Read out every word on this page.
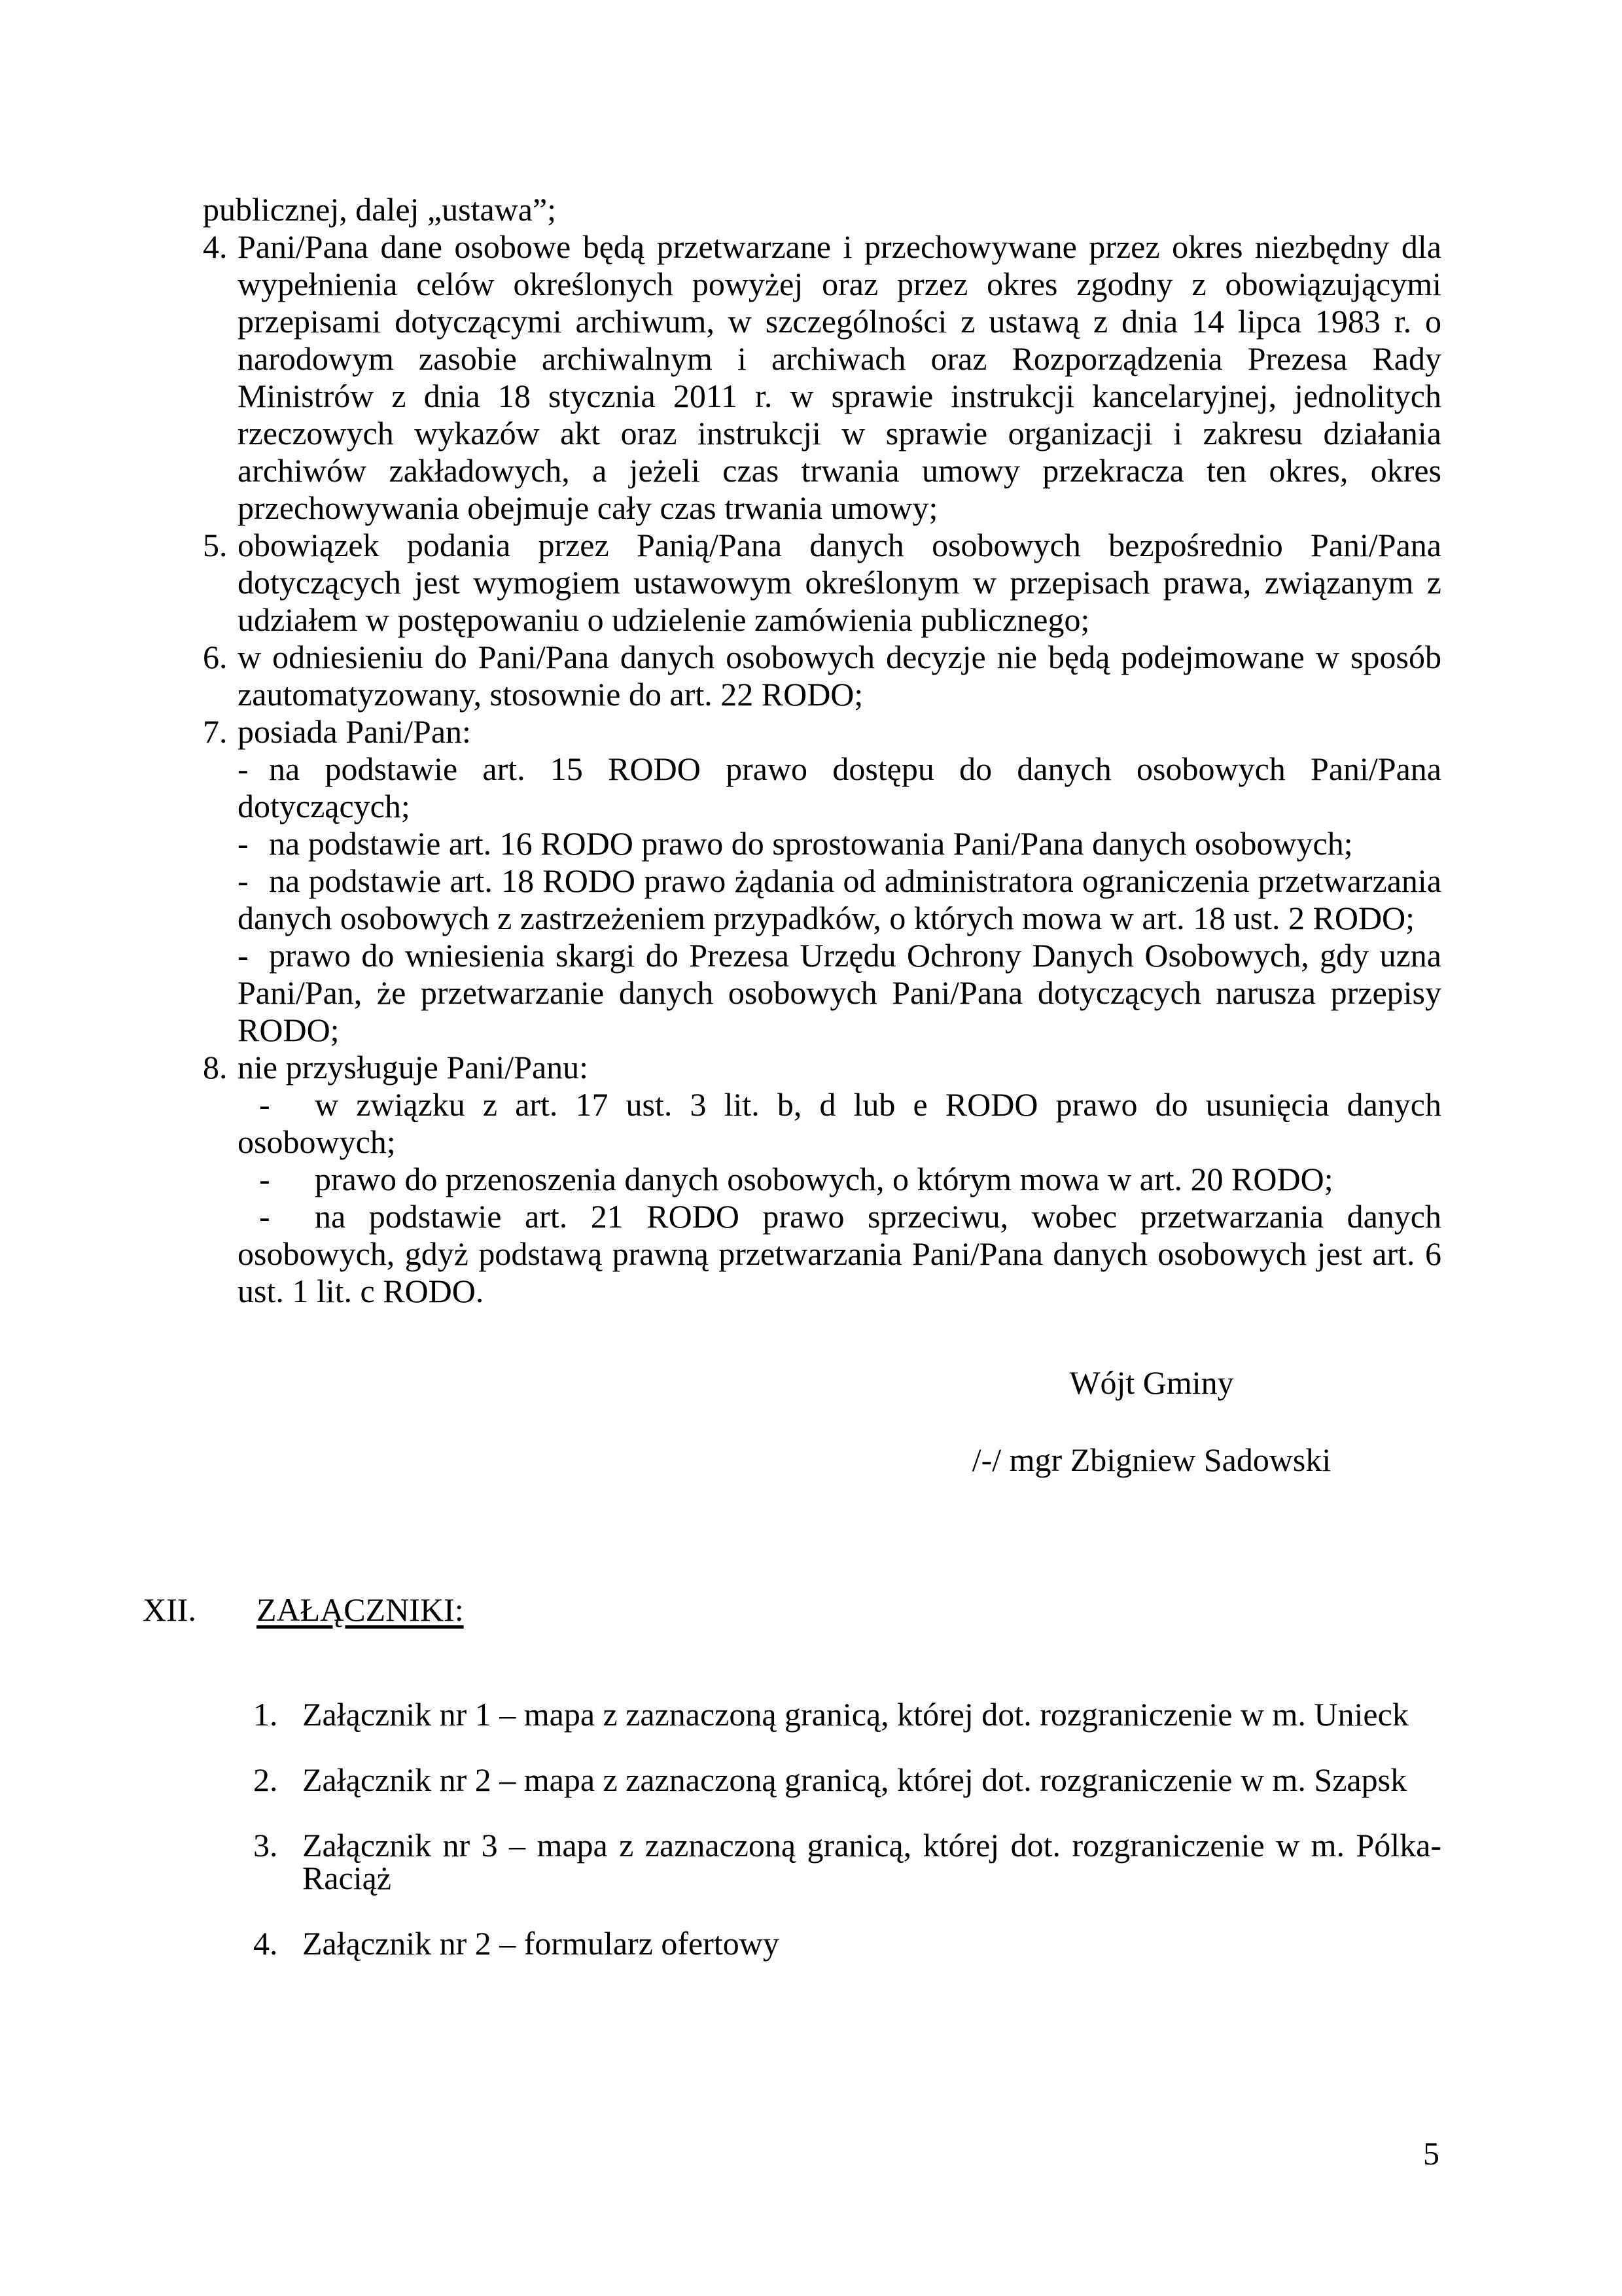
publicznej, dalej „ustawa”;

4. Pani/Pana dane osobowe będą przetwarzane i przechowywane przez okres niezbędny dla wypełnienia celów określonych powyżej oraz przez okres zgodny z obowiązującymi przepisami dotyczącymi archiwum, w szczególności z ustawą z dnia 14 lipca 1983 r. o narodowym zasobie archiwalnym i archiwach oraz Rozporządzenia Prezesa Rady Ministrów z dnia 18 stycznia 2011 r. w sprawie instrukcji kancelaryjnej, jednolitych rzeczowych wykazów akt oraz instrukcji w sprawie organizacji i zakresu działania archiwów zakładowych, a jeżeli czas trwania umowy przekracza ten okres, okres przechowywania obejmuje cały czas trwania umowy;

5. obowiązek podania przez Panią/Pana danych osobowych bezpośrednio Pani/Pana dotyczących jest wymogiem ustawowym określonym w przepisach prawa, związanym z udziałem w postępowaniu o udzielenie zamówienia publicznego;

6. w odniesieniu do Pani/Pana danych osobowych decyzje nie będą podejmowane w sposób zautomatyzowany, stosownie do art. 22 RODO;

7. posiada Pani/Pan:

- na podstawie art. 15 RODO prawo dostępu do danych osobowych Pani/Pana dotyczących;

- na podstawie art. 16 RODO prawo do sprostowania Pani/Pana danych osobowych;

- na podstawie art. 18 RODO prawo żądania od administratora ograniczenia przetwarzania danych osobowych z zastrzeżeniem przypadków, o których mowa w art. 18 ust. 2 RODO;

- prawo do wniesienia skargi do Prezesa Urzędu Ochrony Danych Osobowych, gdy uzna Pani/Pan, że przetwarzanie danych osobowych Pani/Pana dotyczących narusza przepisy RODO;

8. nie przysługuje Pani/Panu:

- w związku z art. 17 ust. 3 lit. b, d lub e RODO prawo do usunięcia danych osobowych;

- prawo do przenoszenia danych osobowych, o którym mowa w art. 20 RODO;

- na podstawie art. 21 RODO prawo sprzeciwu, wobec przetwarzania danych osobowych, gdyż podstawą prawną przetwarzania Pani/Pana danych osobowych jest art. 6 ust. 1 lit. c RODO.

Wójt Gminy
/-/ mgr Zbigniew Sadowski
XII. ZAŁĄCZNIKI:
1. Załącznik nr 1 – mapa z zaznaczoną granicą, której dot. rozgraniczenie w m. Unieck

2. Załącznik nr 2 – mapa z zaznaczoną granicą, której dot. rozgraniczenie w m. Szapsk

3. Załącznik nr 3 – mapa z zaznaczoną granicą, której dot. rozgraniczenie w m. Pólka-Raciąż

4. Załącznik nr 2 – formularz ofertowy

5
